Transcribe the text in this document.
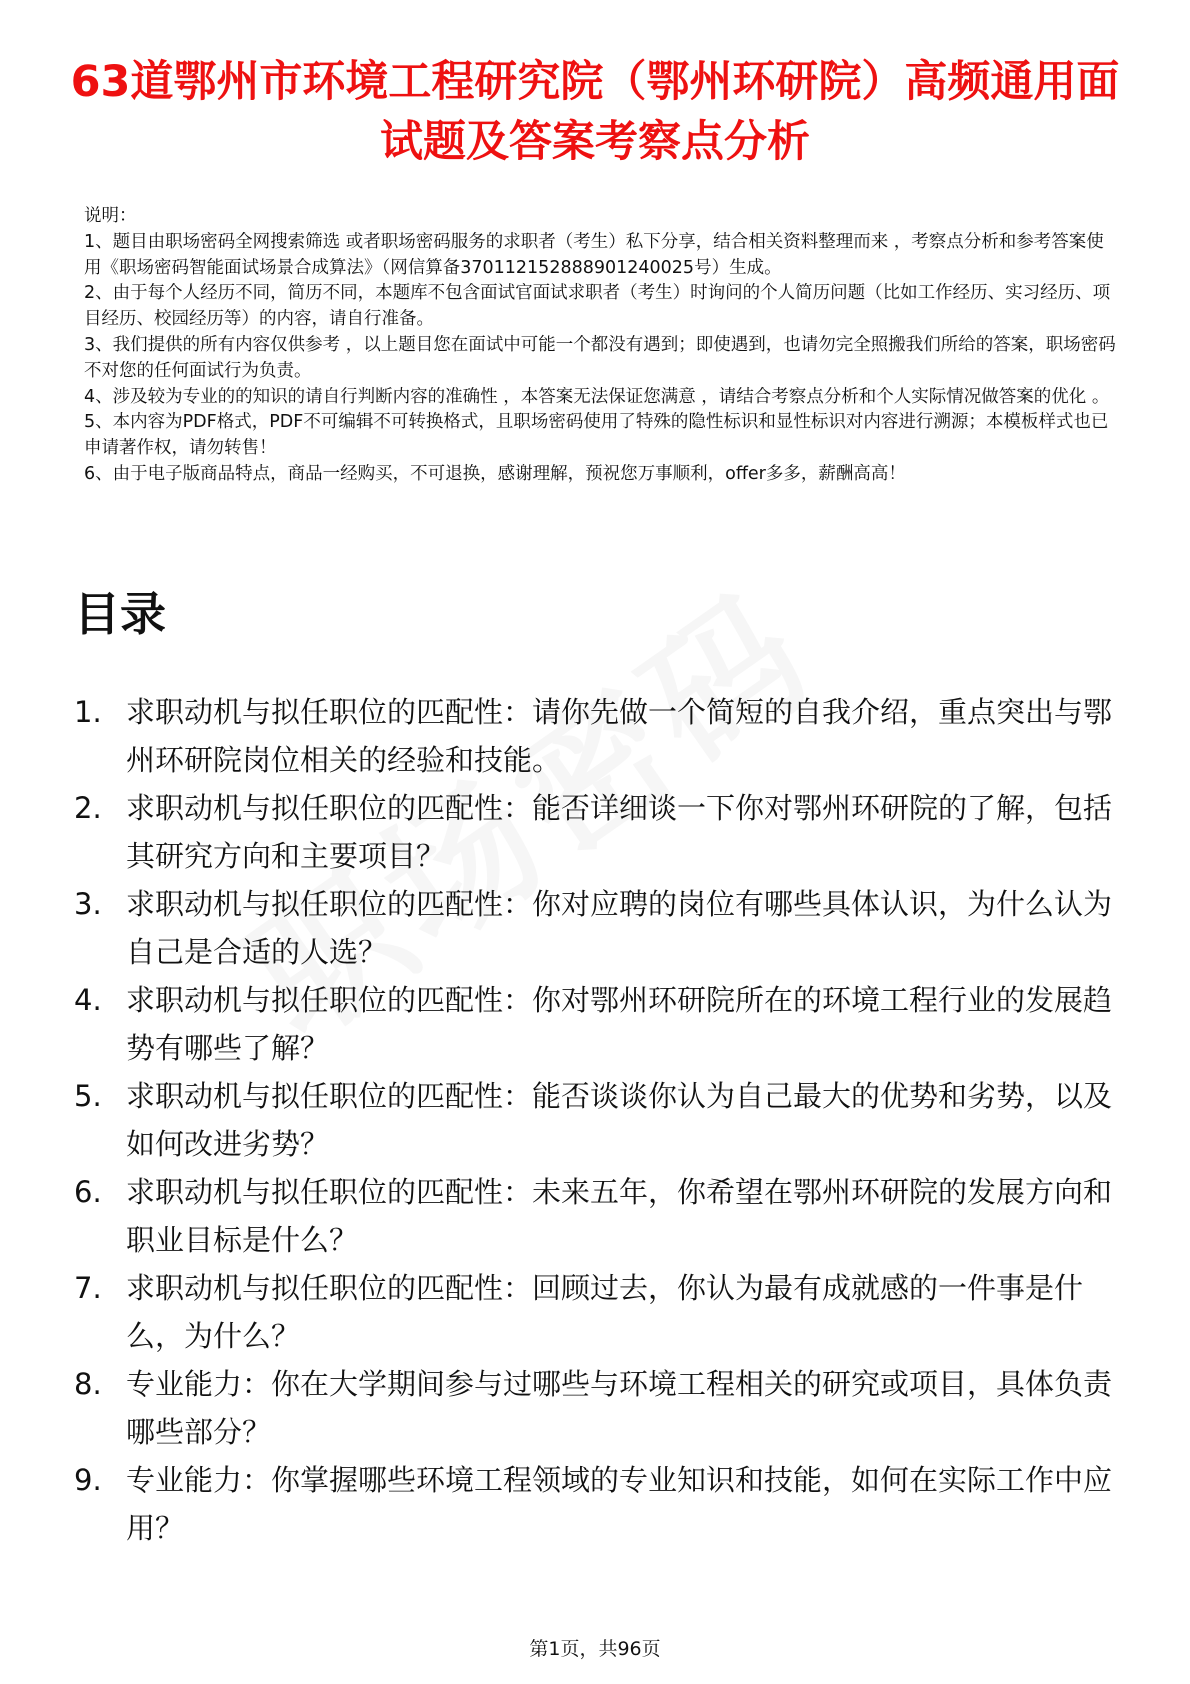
63道鄂州市环境工程研究院（鄂州环研院）高频通用面试题及答案考察点分析
说明：
1、题目由职场密码全网搜索筛选 或者职场密码服务的求职者（考生）私下分享，结合相关资料整理而来 ，考察点分析和参考答案使用《职场密码智能面试场景合成算法》（网信算备370112152888901240025号）生成。
2、由于每个人经历不同，简历不同，本题库不包含面试官面试求职者（考生）时询问的个人简历问题（比如工作经历、实习经历、项目经历、校园经历等）的内容，请自行准备。
3、我们提供的所有内容仅供参考 ，以上题目您在面试中可能一个都没有遇到；即使遇到，也请勿完全照搬我们所给的答案，职场密码不对您的任何面试行为负责。
4、涉及较为专业的的知识的请自行判断内容的准确性 ，本答案无法保证您满意 ，请结合考察点分析和个人实际情况做答案的优化 。
5、本内容为PDF格式，PDF不可编辑不可转换格式，且职场密码使用了特殊的隐性标识和显性标识对内容进行溯源；本模板样式也已申请著作权，请勿转售！
6、由于电子版商品特点，商品一经购买，不可退换，感谢理解，预祝您万事顺利，offer多多，薪酬高高！
目录
1. 求职动机与拟任职位的匹配性：请你先做一个简短的自我介绍，重点突出与鄂州环研院岗位相关的经验和技能。
2. 求职动机与拟任职位的匹配性：能否详细谈一下你对鄂州环研院的了解，包括其研究方向和主要项目？
3. 求职动机与拟任职位的匹配性：你对应聘的岗位有哪些具体认识，为什么认为自己是合适的人选？
4. 求职动机与拟任职位的匹配性：你对鄂州环研院所在的环境工程行业的发展趋势有哪些了解？
5. 求职动机与拟任职位的匹配性：能否谈谈你认为自己最大的优势和劣势，以及如何改进劣势？
6. 求职动机与拟任职位的匹配性：未来五年，你希望在鄂州环研院的发展方向和职业目标是什么？
7. 求职动机与拟任职位的匹配性：回顾过去，你认为最有成就感的一件事是什么，为什么？
8. 专业能力：你在大学期间参与过哪些与环境工程相关的研究或项目，具体负责哪些部分？
9. 专业能力：你掌握哪些环境工程领域的专业知识和技能，如何在实际工作中应用？
第1页，共96页
